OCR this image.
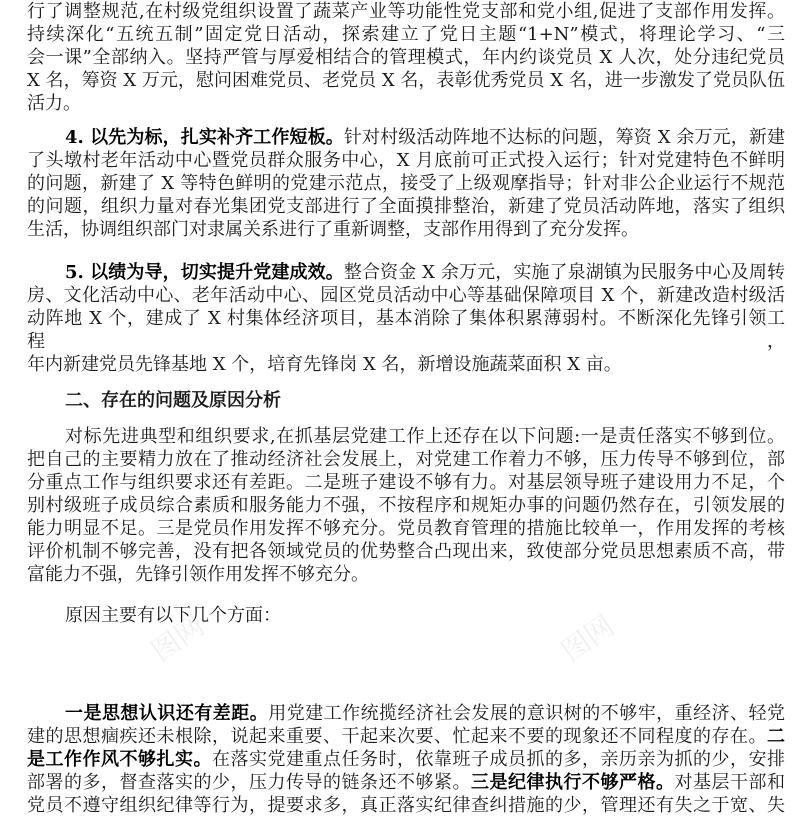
图网	图网
行了调整规范,在村级党组织设置了蔬菜产业等功能性党支部和党小组,促进了支部作用发挥。
持续深化“五统五制”固定党日活动，探索建立了党日主题“1+N”模式，将理论学习、“三
会一课”全部纳入。坚持严管与厚爱相结合的管理模式，年内约谈党员 X 人次，处分违纪党员
X 名，筹资 X 万元，慰问困难党员、老党员 X 名，表彰优秀党员 X 名，进一步激发了党员队伍
活力。
4. 以先为标，扎实补齐工作短板。针对村级活动阵地不达标的问题，筹资 X 余万元，新建
了头墩村老年活动中心暨党员群众服务中心，X 月底前可正式投入运行；针对党建特色不鲜明
的问题，新建了 X 等特色鲜明的党建示范点，接受了上级观摩指导；针对非公企业运行不规范
的问题，组织力量对春光集团党支部进行了全面摸排整治，新建了党员活动阵地，落实了组织
生活，协调组织部门对隶属关系进行了重新调整，支部作用得到了充分发挥。
5. 以绩为导，切实提升党建成效。整合资金 X 余万元，实施了泉湖镇为民服务中心及周转
房、文化活动中心、老年活动中心、园区党员活动中心等基础保障项目 X 个，新建改造村级活
动阵地 X 个，建成了 X 村集体经济项目，基本消除了集体积累薄弱村。不断深化先锋引领工程，
年内新建党员先锋基地 X 个，培育先锋岗 X 名，新增设施蔬菜面积 X 亩。
二、存在的问题及原因分析
对标先进典型和组织要求,在抓基层党建工作上还存在以下问题:一是责任落实不够到位。
把自己的主要精力放在了推动经济社会发展上，对党建工作着力不够，压力传导不够到位，部
分重点工作与组织要求还有差距。二是班子建设不够有力。对基层领导班子建设用力不足，个
别村级班子成员综合素质和服务能力不强，不按程序和规矩办事的问题仍然存在，引领发展的
能力明显不足。三是党员作用发挥不够充分。党员教育管理的措施比较单一，作用发挥的考核
评价机制不够完善，没有把各领域党员的优势整合凸现出来，致使部分党员思想素质不高，带
富能力不强，先锋引领作用发挥不够充分。
原因主要有以下几个方面：
一是思想认识还有差距。用党建工作统揽经济社会发展的意识树的不够牢，重经济、轻党
建的思想痼疾还未根除，说起来重要、干起来次要、忙起来不要的现象还不同程度的存在。二
是工作作风不够扎实。在落实党建重点任务时，依靠班子成员抓的多，亲历亲为抓的少，安排
部署的多，督查落实的少，压力传导的链条还不够紧。三是纪律执行不够严格。对基层干部和
党员不遵守组织纪律等行为，提要求多，真正落实纪律查纠措施的少，管理还有失之于宽、失
